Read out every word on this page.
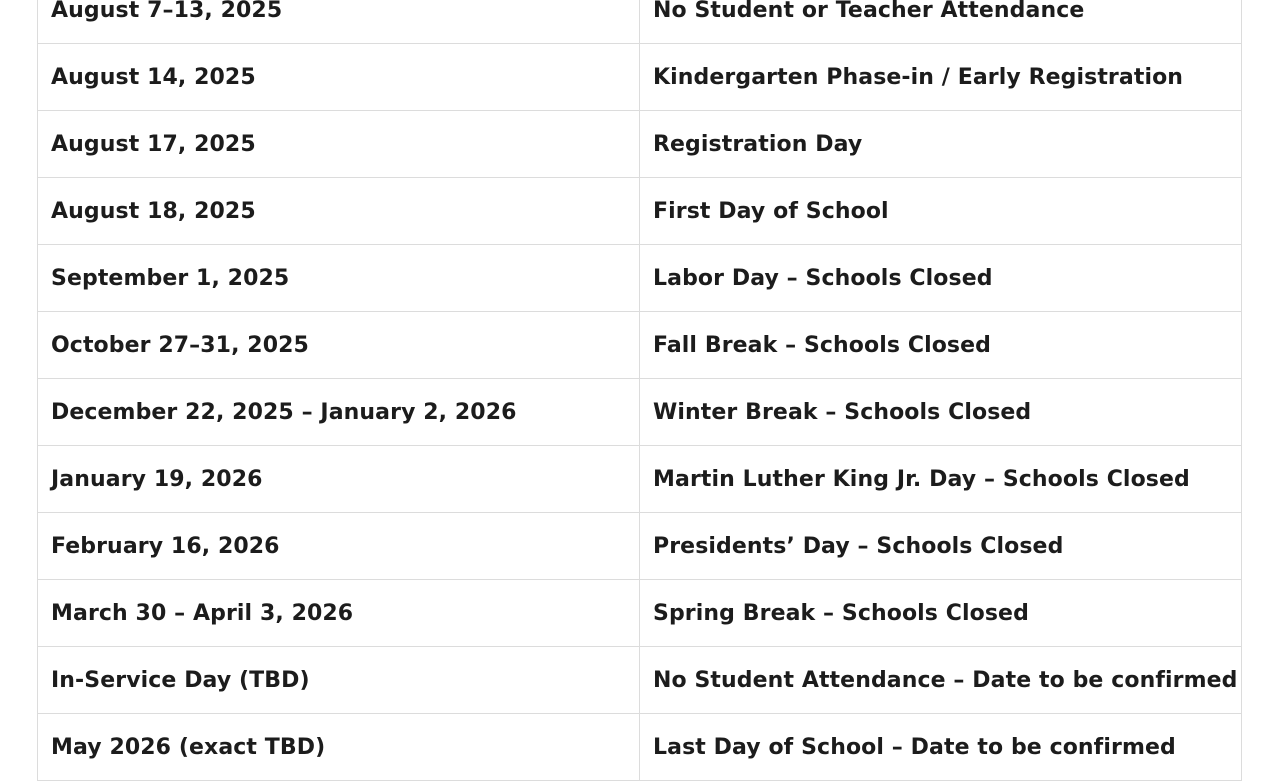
August 7–13, 2025	No Student or Teacher Attendance
August 14, 2025	Kindergarten Phase-in / Early Registration
August 17, 2025	Registration Day
August 18, 2025	First Day of School
September 1, 2025	Labor Day – Schools Closed
October 27–31, 2025	Fall Break – Schools Closed
December 22, 2025 – January 2, 2026	Winter Break – Schools Closed
January 19, 2026	Martin Luther King Jr. Day – Schools Closed
February 16, 2026	Presidents’ Day – Schools Closed
March 30 – April 3, 2026	Spring Break – Schools Closed
In-Service Day (TBD)	No Student Attendance – Date to be confirmed
May 2026 (exact TBD)	Last Day of School – Date to be confirmed
